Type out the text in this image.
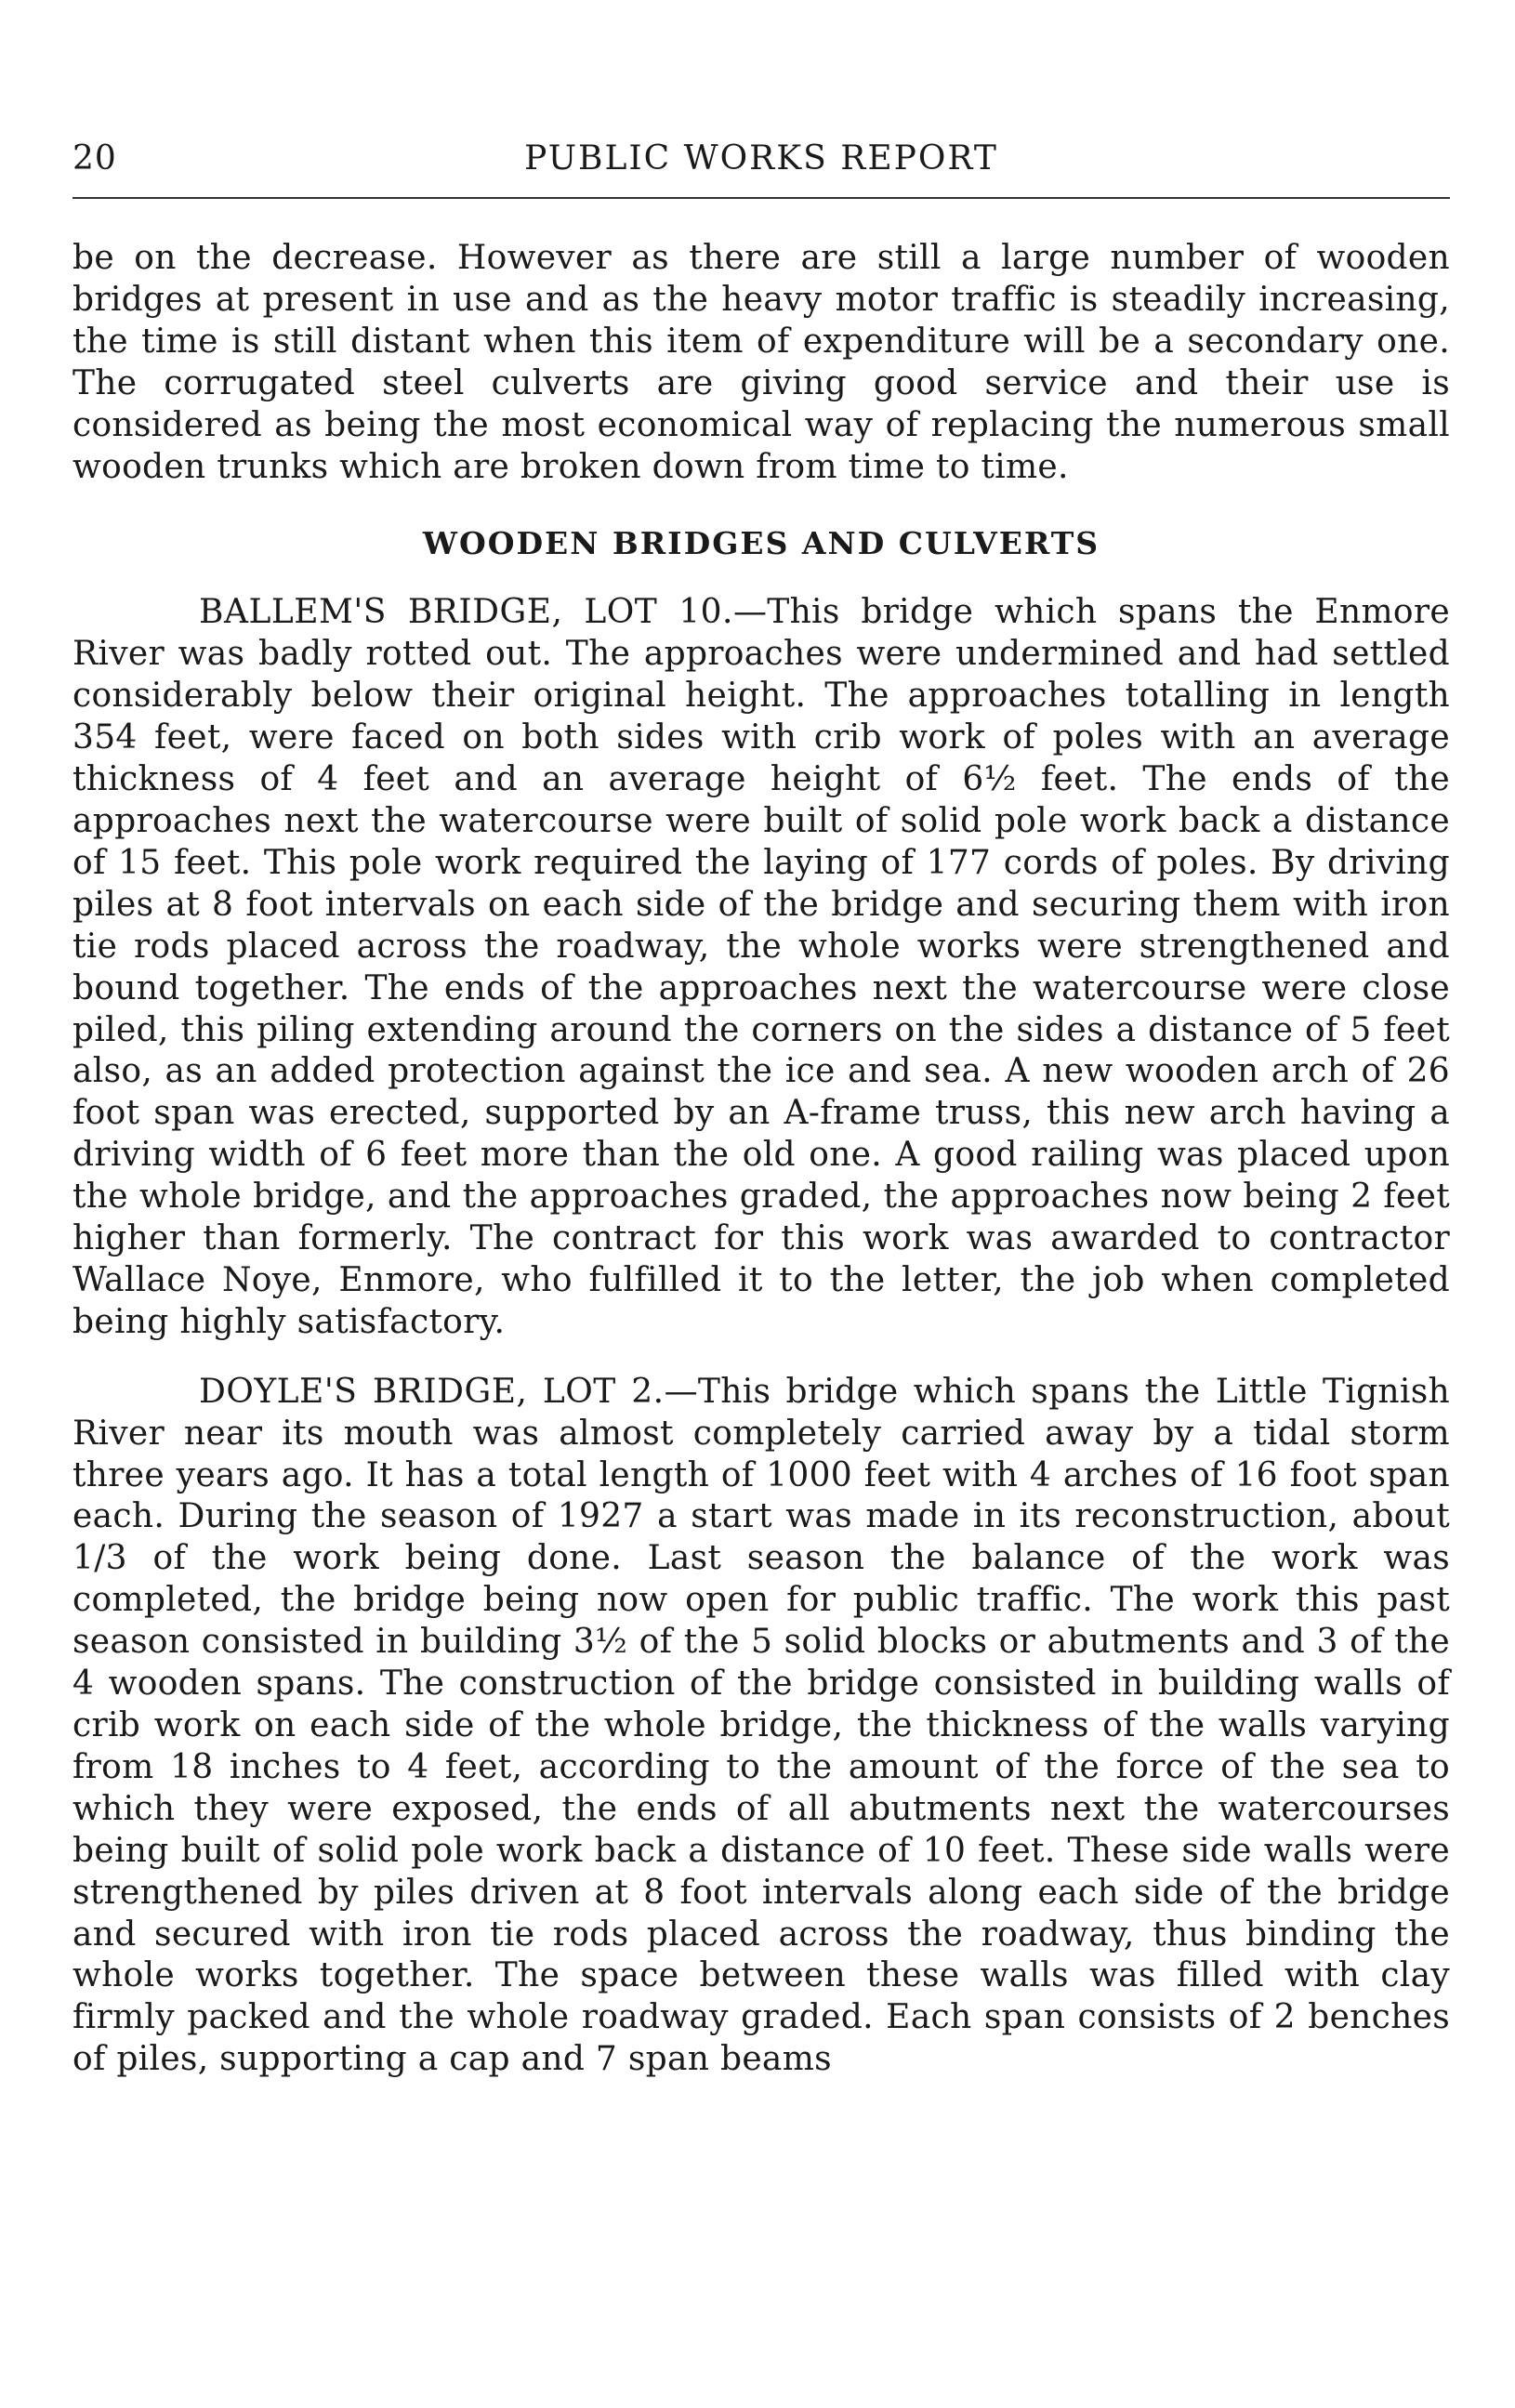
20	PUBLIC WORKS REPORT

be on the decrease. However as there are still a large number of wooden bridges at present in use and as the heavy motor traffic is steadily increasing, the time is still distant when this item of expenditure will be a secondary one. The corrugated steel culverts are giving good service and their use is considered as being the most economical way of replacing the numerous small wooden trunks which are broken down from time to time.

WOODEN BRIDGES AND CULVERTS

BALLEM'S BRIDGE, LOT 10.—This bridge which spans the Enmore River was badly rotted out. The approaches were undermined and had settled considerably below their original height. The approaches totalling in length 354 feet, were faced on both sides with crib work of poles with an average thickness of 4 feet and an average height of 6½ feet. The ends of the approaches next the watercourse were built of solid pole work back a distance of 15 feet. This pole work required the laying of 177 cords of poles. By driving piles at 8 foot intervals on each side of the bridge and securing them with iron tie rods placed across the roadway, the whole works were strengthened and bound together. The ends of the approaches next the watercourse were close piled, this piling extending around the corners on the sides a distance of 5 feet also, as an added protection against the ice and sea. A new wooden arch of 26 foot span was erected, supported by an A-frame truss, this new arch having a driving width of 6 feet more than the old one. A good railing was placed upon the whole bridge, and the approaches graded, the approaches now being 2 feet higher than formerly. The contract for this work was awarded to contractor Wallace Noye, Enmore, who fulfilled it to the letter, the job when completed being highly satisfactory.

DOYLE'S BRIDGE, LOT 2.—This bridge which spans the Little Tignish River near its mouth was almost completely carried away by a tidal storm three years ago. It has a total length of 1000 feet with 4 arches of 16 foot span each. During the season of 1927 a start was made in its reconstruction, about 1/3 of the work being done. Last season the balance of the work was completed, the bridge being now open for public traffic. The work this past season consisted in building 3½ of the 5 solid blocks or abutments and 3 of the 4 wooden spans. The construction of the bridge consisted in building walls of crib work on each side of the whole bridge, the thickness of the walls varying from 18 inches to 4 feet, according to the amount of the force of the sea to which they were exposed, the ends of all abutments next the watercourses being built of solid pole work back a distance of 10 feet. These side walls were strengthened by piles driven at 8 foot intervals along each side of the bridge and secured with iron tie rods placed across the roadway, thus binding the whole works together. The space between these walls was filled with clay firmly packed and the whole roadway graded. Each span consists of 2 benches of piles, supporting a cap and 7 span beams
